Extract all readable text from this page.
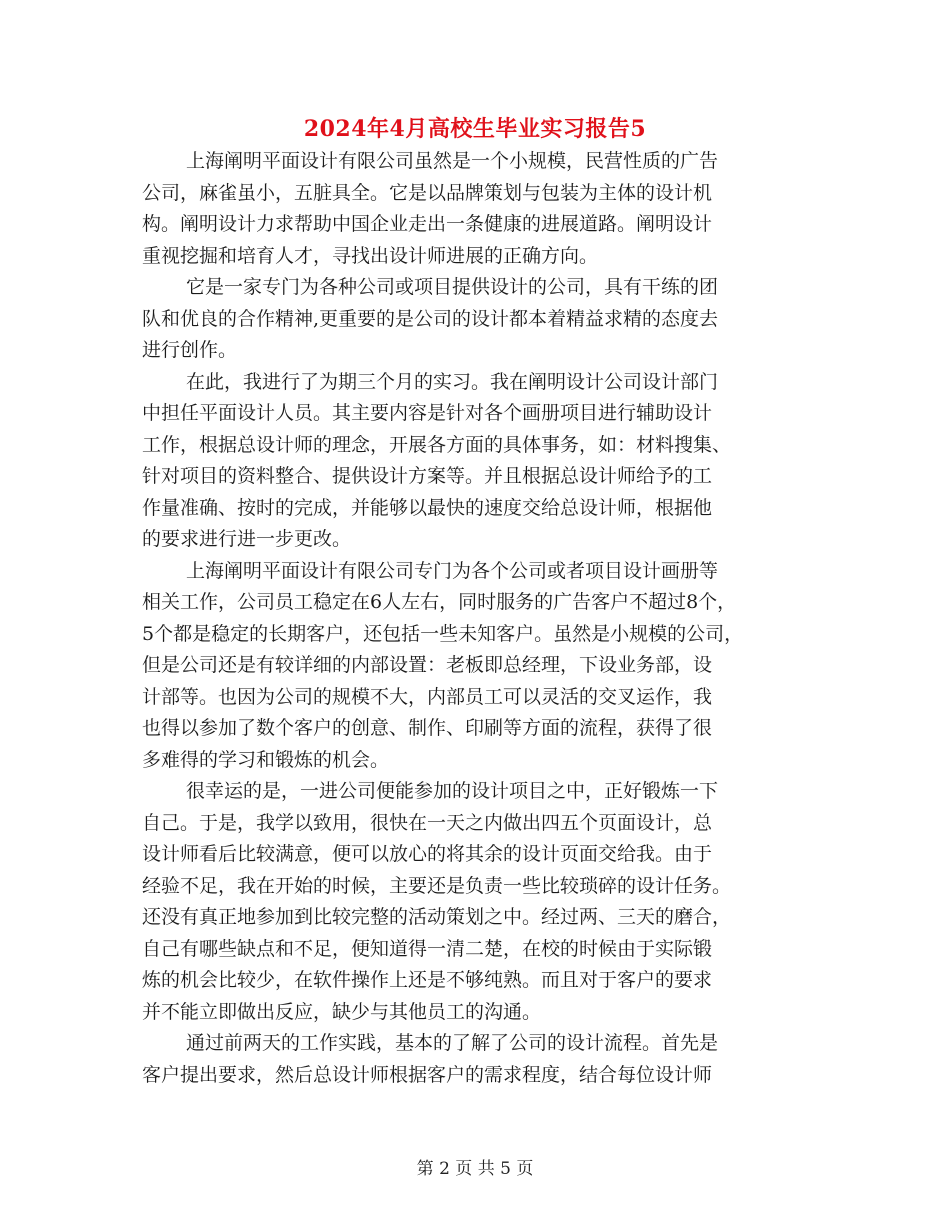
2024年4月高校生毕业实习报告5
上海阐明平面设计有限公司虽然是一个小规模，民营性质的广告
公司，麻雀虽小，五脏具全。它是以品牌策划与包装为主体的设计机
构。阐明设计力求帮助中国企业走出一条健康的进展道路。阐明设计
重视挖掘和培育人才，寻找出设计师进展的正确方向。
它是一家专门为各种公司或项目提供设计的公司，具有干练的团
队和优良的合作精神,更重要的是公司的设计都本着精益求精的态度去
进行创作。
在此，我进行了为期三个月的实习。我在阐明设计公司设计部门
中担任平面设计人员。其主要内容是针对各个画册项目进行辅助设计
工作，根据总设计师的理念，开展各方面的具体事务，如：材料搜集、
针对项目的资料整合、提供设计方案等。并且根据总设计师给予的工
作量准确、按时的完成，并能够以最快的速度交给总设计师，根据他
的要求进行进一步更改。
上海阐明平面设计有限公司专门为各个公司或者项目设计画册等
相关工作，公司员工稳定在6人左右，同时服务的广告客户不超过8个，
5个都是稳定的长期客户，还包括一些未知客户。虽然是小规模的公司，
但是公司还是有较详细的内部设置：老板即总经理，下设业务部，设
计部等。也因为公司的规模不大，内部员工可以灵活的交叉运作，我
也得以参加了数个客户的创意、制作、印刷等方面的流程，获得了很
多难得的学习和锻炼的机会。
很幸运的是，一进公司便能参加的设计项目之中，正好锻炼一下
自己。于是，我学以致用，很快在一天之内做出四五个页面设计，总
设计师看后比较满意，便可以放心的将其余的设计页面交给我。由于
经验不足，我在开始的时候，主要还是负责一些比较琐碎的设计任务。
还没有真正地参加到比较完整的活动策划之中。经过两、三天的磨合，
自己有哪些缺点和不足，便知道得一清二楚，在校的时候由于实际锻
炼的机会比较少，在软件操作上还是不够纯熟。而且对于客户的要求
并不能立即做出反应，缺少与其他员工的沟通。
通过前两天的工作实践，基本的了解了公司的设计流程。首先是
客户提出要求，然后总设计师根据客户的需求程度，结合每位设计师
第 2 页 共 5 页
